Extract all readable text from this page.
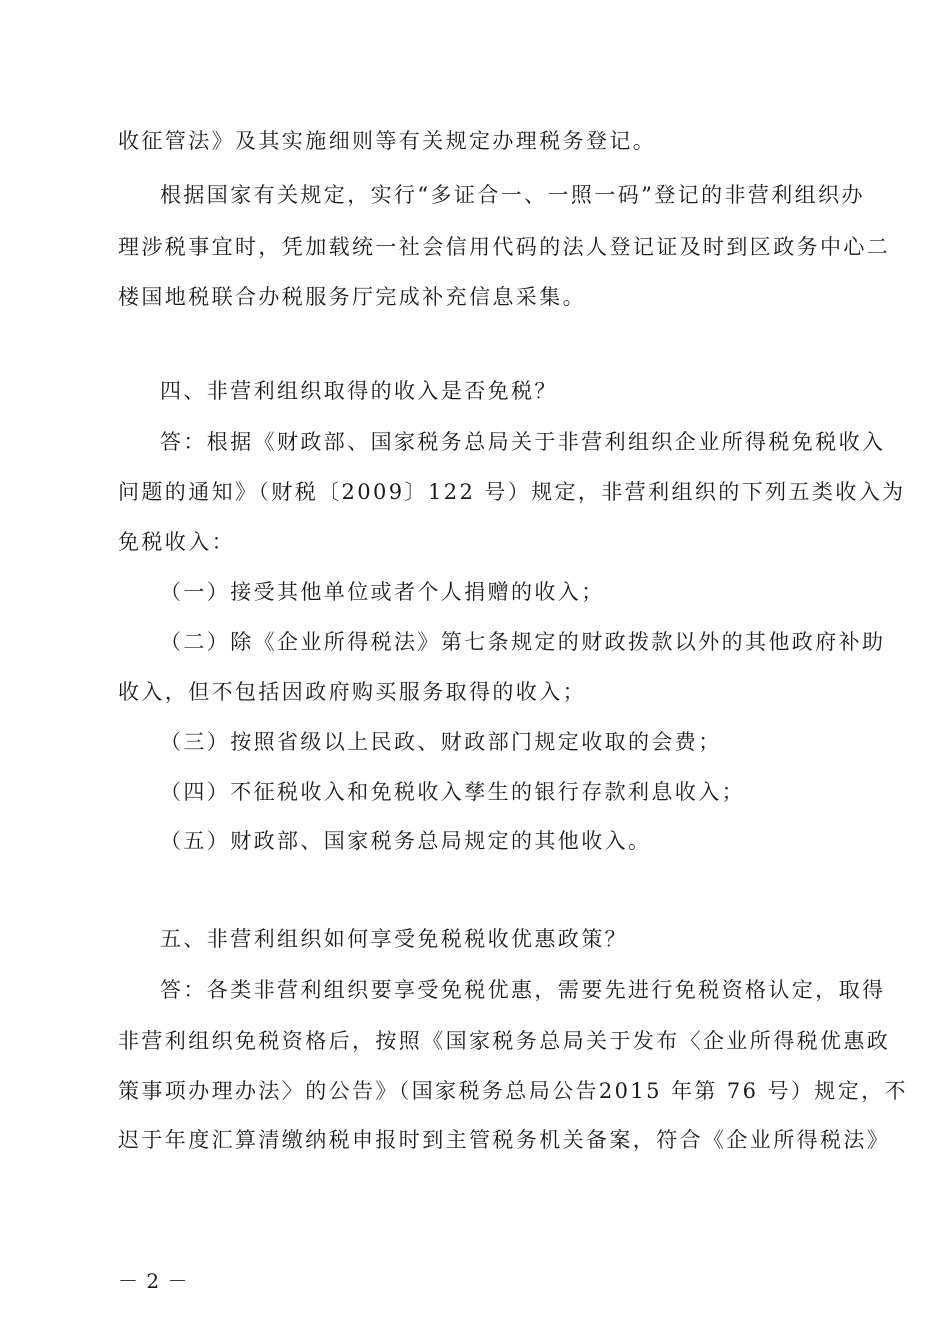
收征管法》及其实施细则等有关规定办理税务登记。
根据国家有关规定，实行“多证合一、一照一码”登记的非营利组织办
理涉税事宜时，凭加载统一社会信用代码的法人登记证及时到区政务中心二
楼国地税联合办税服务厅完成补充信息采集。
四、非营利组织取得的收入是否免税？
答：根据《财政部、国家税务总局关于非营利组织企业所得税免税收入
问题的通知》（财税〔2009〕122 号）规定，非营利组织的下列五类收入为
免税收入：
（一）接受其他单位或者个人捐赠的收入；
（二）除《企业所得税法》第七条规定的财政拨款以外的其他政府补助
收入，但不包括因政府购买服务取得的收入；
（三）按照省级以上民政、财政部门规定收取的会费；
（四）不征税收入和免税收入孳生的银行存款利息收入；
（五）财政部、国家税务总局规定的其他收入。
五、非营利组织如何享受免税税收优惠政策？
答：各类非营利组织要享受免税优惠，需要先进行免税资格认定，取得
非营利组织免税资格后，按照《国家税务总局关于发布〈企业所得税优惠政
策事项办理办法〉的公告》（国家税务总局公告2015 年第 76 号）规定，不
迟于年度汇算清缴纳税申报时到主管税务机关备案，符合《企业所得税法》
－ 2 －
